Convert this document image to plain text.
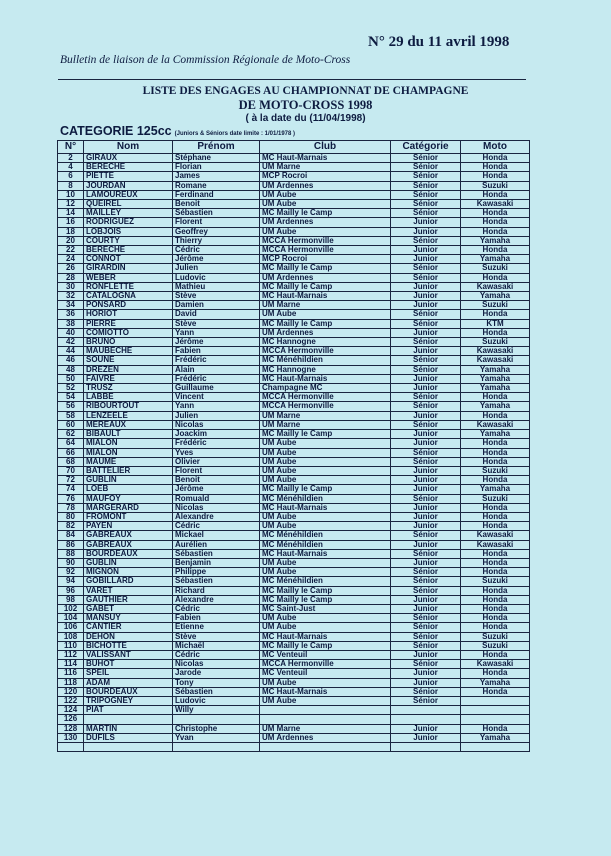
N° 29 du 11 avril 1998
Bulletin de liaison de la Commission Régionale de Moto-Cross
LISTE DES ENGAGES AU CHAMPIONNAT DE CHAMPAGNE
DE MOTO-CROSS 1998
( à la date du (11/04/1998)
CATEGORIE 125cc (Juniors & Séniors date limite : 1/01/1978 )
N°	Nom	Prénom	Club	Catégorie	Moto
2	GIRAUX	Stéphane	MC Haut-Marnais	Sénior	Honda
4	BERECHE	Florian	UM Marne	Sénior	Honda
6	PIETTE	James	MCP Rocroi	Sénior	Honda
8	JOURDAN	Romane	UM Ardennes	Sénior	Suzuki
10	LAMOUREUX	Ferdinand	UM Aube	Sénior	Honda
12	QUEIREL	Benoit	UM Aube	Sénior	Kawasaki
14	MAILLEY	Sébastien	MC Mailly le Camp	Sénior	Honda
16	RODRIGUEZ	Florent	UM Ardennes	Junior	Honda
18	LOBJOIS	Geoffrey	UM Aube	Junior	Honda
20	COURTY	Thierry	MCCA Hermonville	Sénior	Yamaha
22	BERECHE	Cédric	MCCA Hermonville	Junior	Honda
24	CONNOT	Jérôme	MCP Rocroi	Junior	Yamaha
26	GIRARDIN	Julien	MC Mailly le Camp	Sénior	Suzuki
28	WEBER	Ludovic	UM Ardennes	Sénior	Honda
30	RONFLETTE	Mathieu	MC Mailly le Camp	Junior	Kawasaki
32	CATALOGNA	Stève	MC Haut-Marnais	Junior	Yamaha
34	PONSARD	Damien	UM Marne	Junior	Suzuki
36	HORIOT	David	UM Aube	Sénior	Honda
38	PIERRE	Stève	MC Mailly le Camp	Sénior	KTM
40	COMIOTTO	Yann	UM Ardennes	Junior	Honda
42	BRUNO	Jérôme	MC Hannogne	Sénior	Suzuki
44	MAUBECHE	Fabien	MCCA Hermonville	Junior	Kawasaki
46	SOUNE	Frédéric	MC Ménéhildien	Sénior	Kawasaki
48	DREZEN	Alain	MC Hannogne	Sénior	Yamaha
50	FAIVRE	Frédéric	MC Haut-Marnais	Junior	Yamaha
52	TRUSZ	Guillaume	Champagne MC	Junior	Yamaha
54	LABBE	Vincent	MCCA Hermonville	Sénior	Honda
56	RIBOURTOUT	Yann	MCCA Hermonville	Sénior	Yamaha
58	LENZEELE	Julien	UM Marne	Junior	Honda
60	MEREAUX	Nicolas	UM Marne	Sénior	Kawasaki
62	BIBAULT	Joackim	MC Mailly le Camp	Junior	Yamaha
64	MIALON	Frédéric	UM Aube	Junior	Honda
66	MIALON	Yves	UM Aube	Sénior	Honda
68	MAUME	Olivier	UM Aube	Sénior	Honda
70	BATTELIER	Florent	UM Aube	Junior	Suzuki
72	GUBLIN	Benoit	UM Aube	Junior	Honda
74	LOEB	Jérôme	MC Mailly le Camp	Junior	Yamaha
76	MAUFOY	Romuald	MC Ménéhildien	Sénior	Suzuki
78	MARGERARD	Nicolas	MC Haut-Marnais	Junior	Honda
80	FROMONT	Alexandre	UM Aube	Junior	Honda
82	PAYEN	Cédric	UM Aube	Junior	Honda
84	GABREAUX	Mickael	MC Ménéhildien	Sénior	Kawasaki
86	GABREAUX	Aurélien	MC Ménéhildien	Junior	Kawasaki
88	BOURDEAUX	Sébastien	MC Haut-Marnais	Sénior	Honda
90	GUBLIN	Benjamin	UM Aube	Junior	Honda
92	MIGNON	Philippe	UM Aube	Sénior	Honda
94	GOBILLARD	Sébastien	MC Ménéhildien	Sénior	Suzuki
96	VARET	Richard	MC Mailly le Camp	Sénior	Honda
98	GAUTHIER	Alexandre	MC Mailly le Camp	Junior	Honda
102	GABET	Cédric	MC Saint-Just	Junior	Honda
104	MANSUY	Fabien	UM Aube	Sénior	Honda
106	CANTIER	Etienne	UM Aube	Sénior	Honda
108	DEHON	Stève	MC Haut-Marnais	Sénior	Suzuki
110	BICHOTTE	Michaël	MC Mailly le Camp	Sénior	Suzuki
112	VALISSANT	Cédric	MC Venteuil	Junior	Honda
114	BUHOT	Nicolas	MCCA Hermonville	Sénior	Kawasaki
116	SPEIL	Jarode	MC Venteuil	Junior	Honda
118	ADAM	Tony	UM Aube	Junior	Yamaha
120	BOURDEAUX	Sébastien	MC Haut-Marnais	Sénior	Honda
122	TRIPOGNEY	Ludovic	UM Aube	Sénior	
124	PIAT	Willy			
126					
128	MARTIN	Christophe	UM Marne	Junior	Honda
130	DUFILS	Yvan	UM Ardennes	Junior	Yamaha
